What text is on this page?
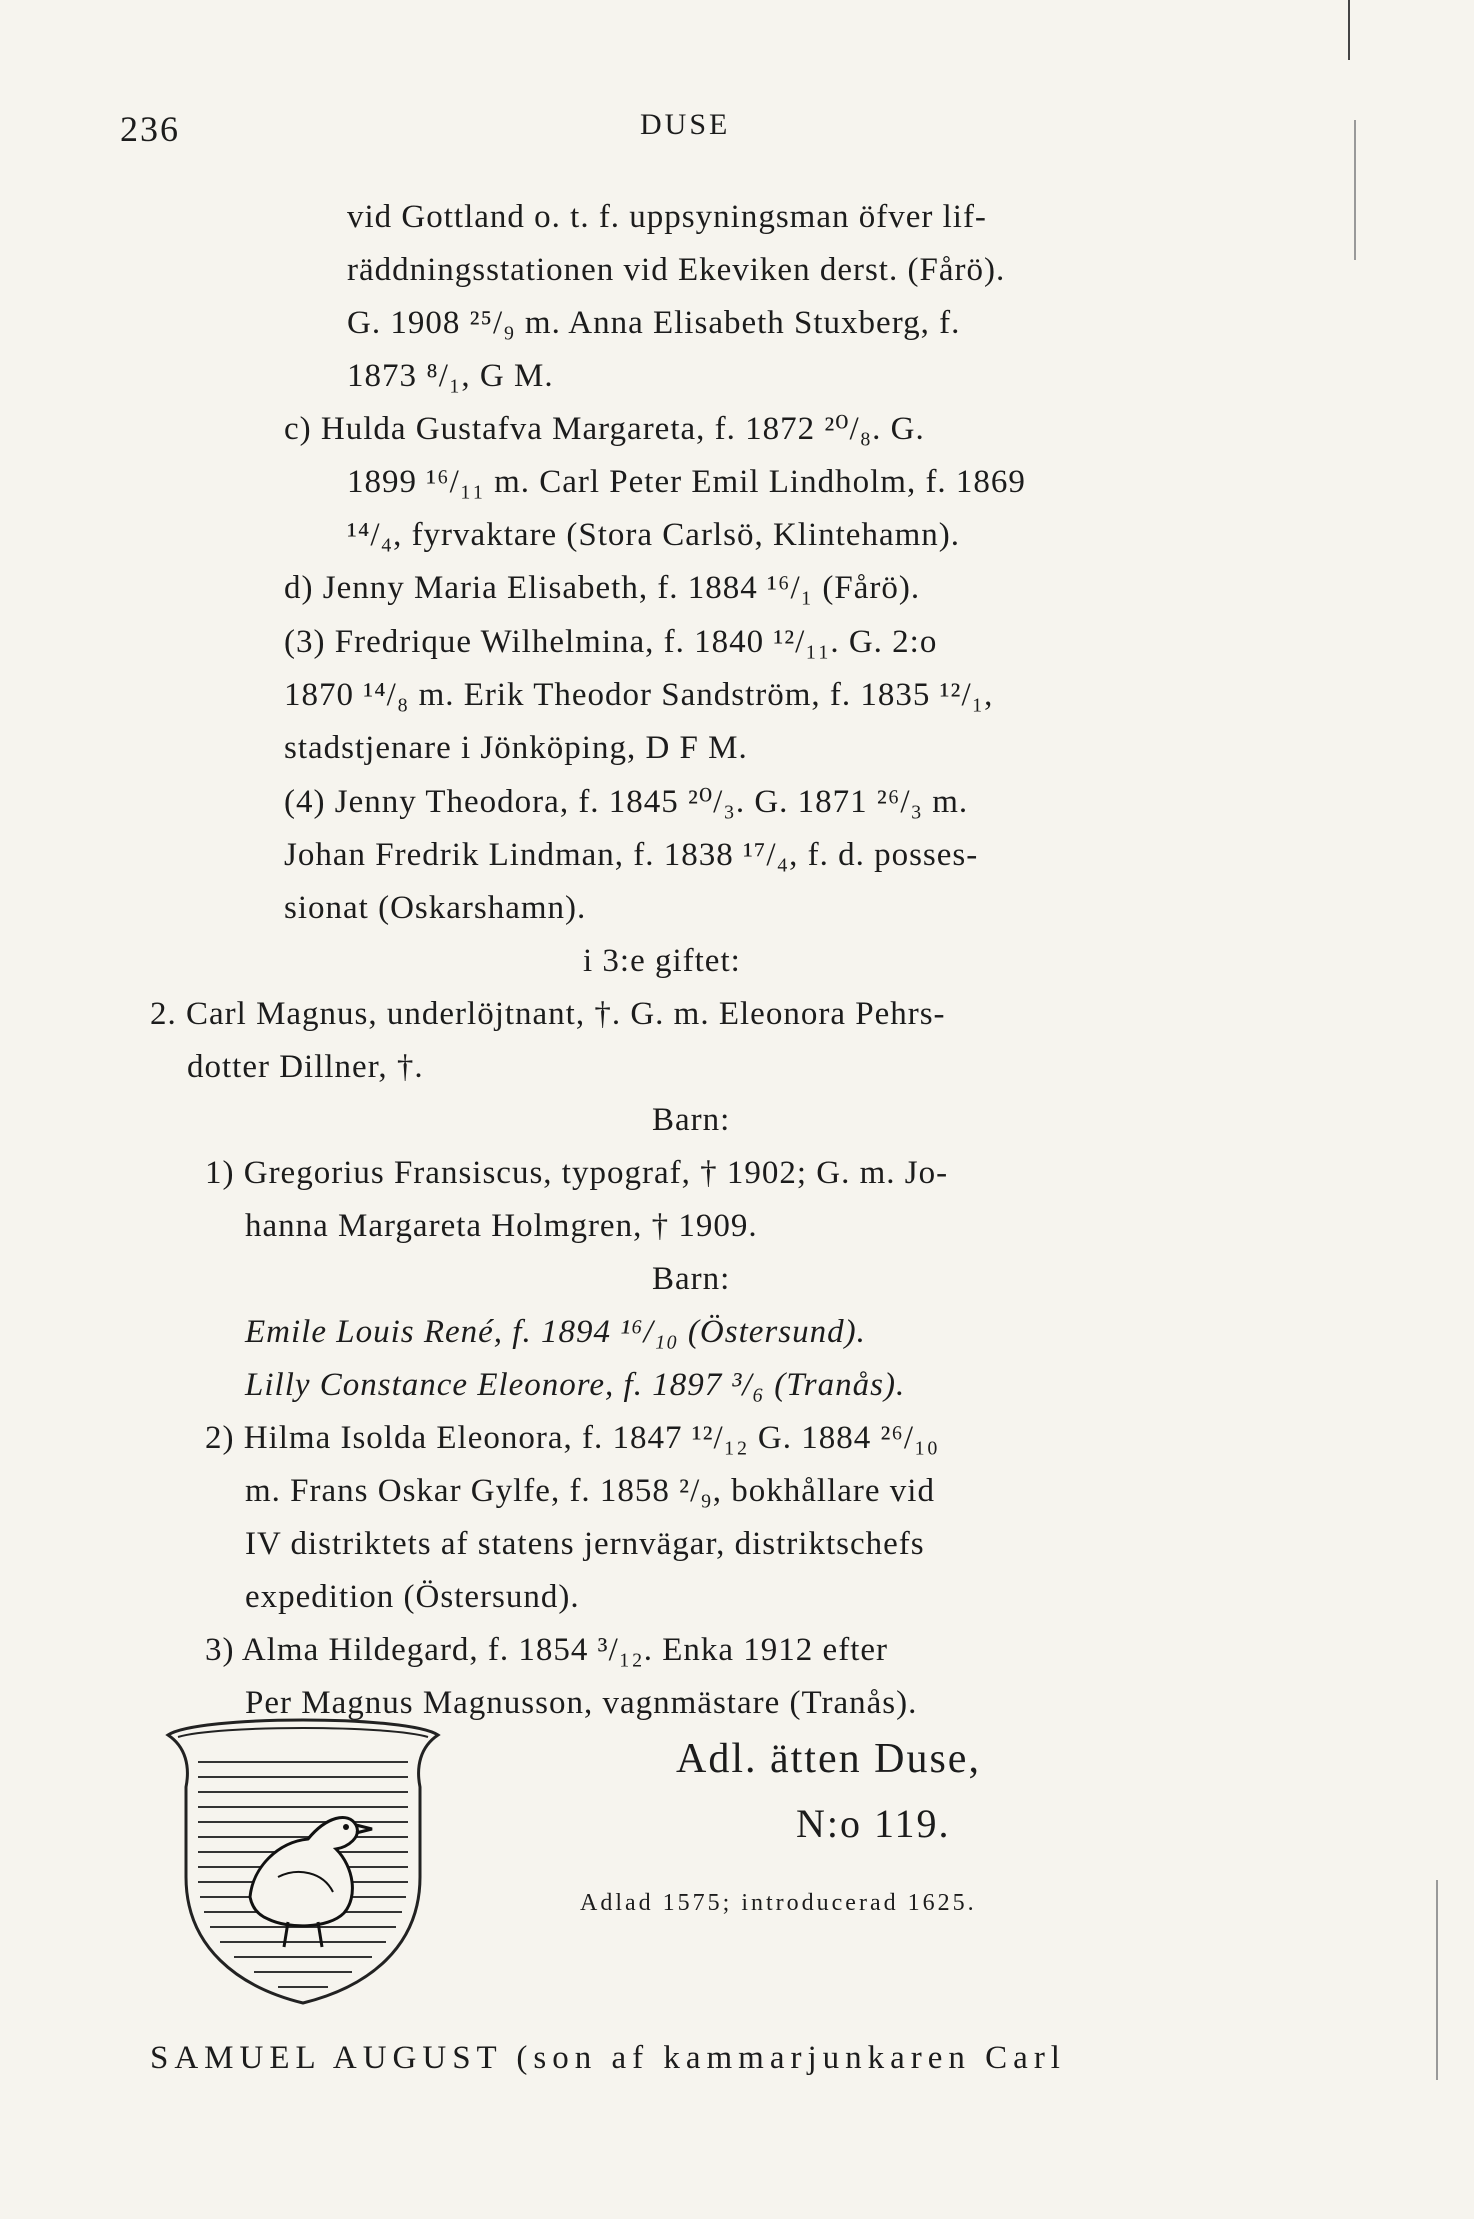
236	DUSE
vid Gottland o. t. f. uppsyningsman öfver lif-
räddningsstationen vid Ekeviken derst. (Fårö).
G. 1908 ²⁵/₉ m. Anna Elisabeth Stuxberg, f.
1873 ⁸/₁, G M.
c) Hulda Gustafva Margareta, f. 1872 ²⁰/₈. G.
1899 ¹⁶/₁₁ m. Carl Peter Emil Lindholm, f. 1869
¹⁴/₄, fyrvaktare (Stora Carlsö, Klintehamn).
d) Jenny Maria Elisabeth, f. 1884 ¹⁶/₁ (Fårö).
(3) Fredrique Wilhelmina, f. 1840 ¹²/₁₁. G. 2:o
1870 ¹⁴/₈ m. Erik Theodor Sandström, f. 1835 ¹²/₁,
stadstjenare i Jönköping, D F M.
(4) Jenny Theodora, f. 1845 ²⁰/₃. G. 1871 ²⁶/₃ m.
Johan Fredrik Lindman, f. 1838 ¹⁷/₄, f. d. posses-
sionat (Oskarshamn).
i 3:e giftet:
2. Carl Magnus, underlöjtnant, †. G. m. Eleonora Pehrs-
dotter Dillner, †.
Barn:
1) Gregorius Fransiscus, typograf, † 1902; G. m. Jo-
hanna Margareta Holmgren, † 1909.
Barn:
Emile Louis René, f. 1894 ¹⁶/₁₀ (Östersund).
Lilly Constance Eleonore, f. 1897 ³/₆ (Tranås).
2) Hilma Isolda Eleonora, f. 1847 ¹²/₁₂ G. 1884 ²⁶/₁₀
m. Frans Oskar Gylfe, f. 1858 ²/₉, bokhållare vid
IV distriktets af statens jernvägar, distriktschefs
expedition (Östersund).
3) Alma Hildegard, f. 1854 ³/₁₂. Enka 1912 efter
Per Magnus Magnusson, vagnmästare (Tranås).
Adl. ätten Duse,
N:o 119.
Adlad 1575; introducerad 1625.
SAMUEL AUGUST (son af kammarjunkaren Carl
